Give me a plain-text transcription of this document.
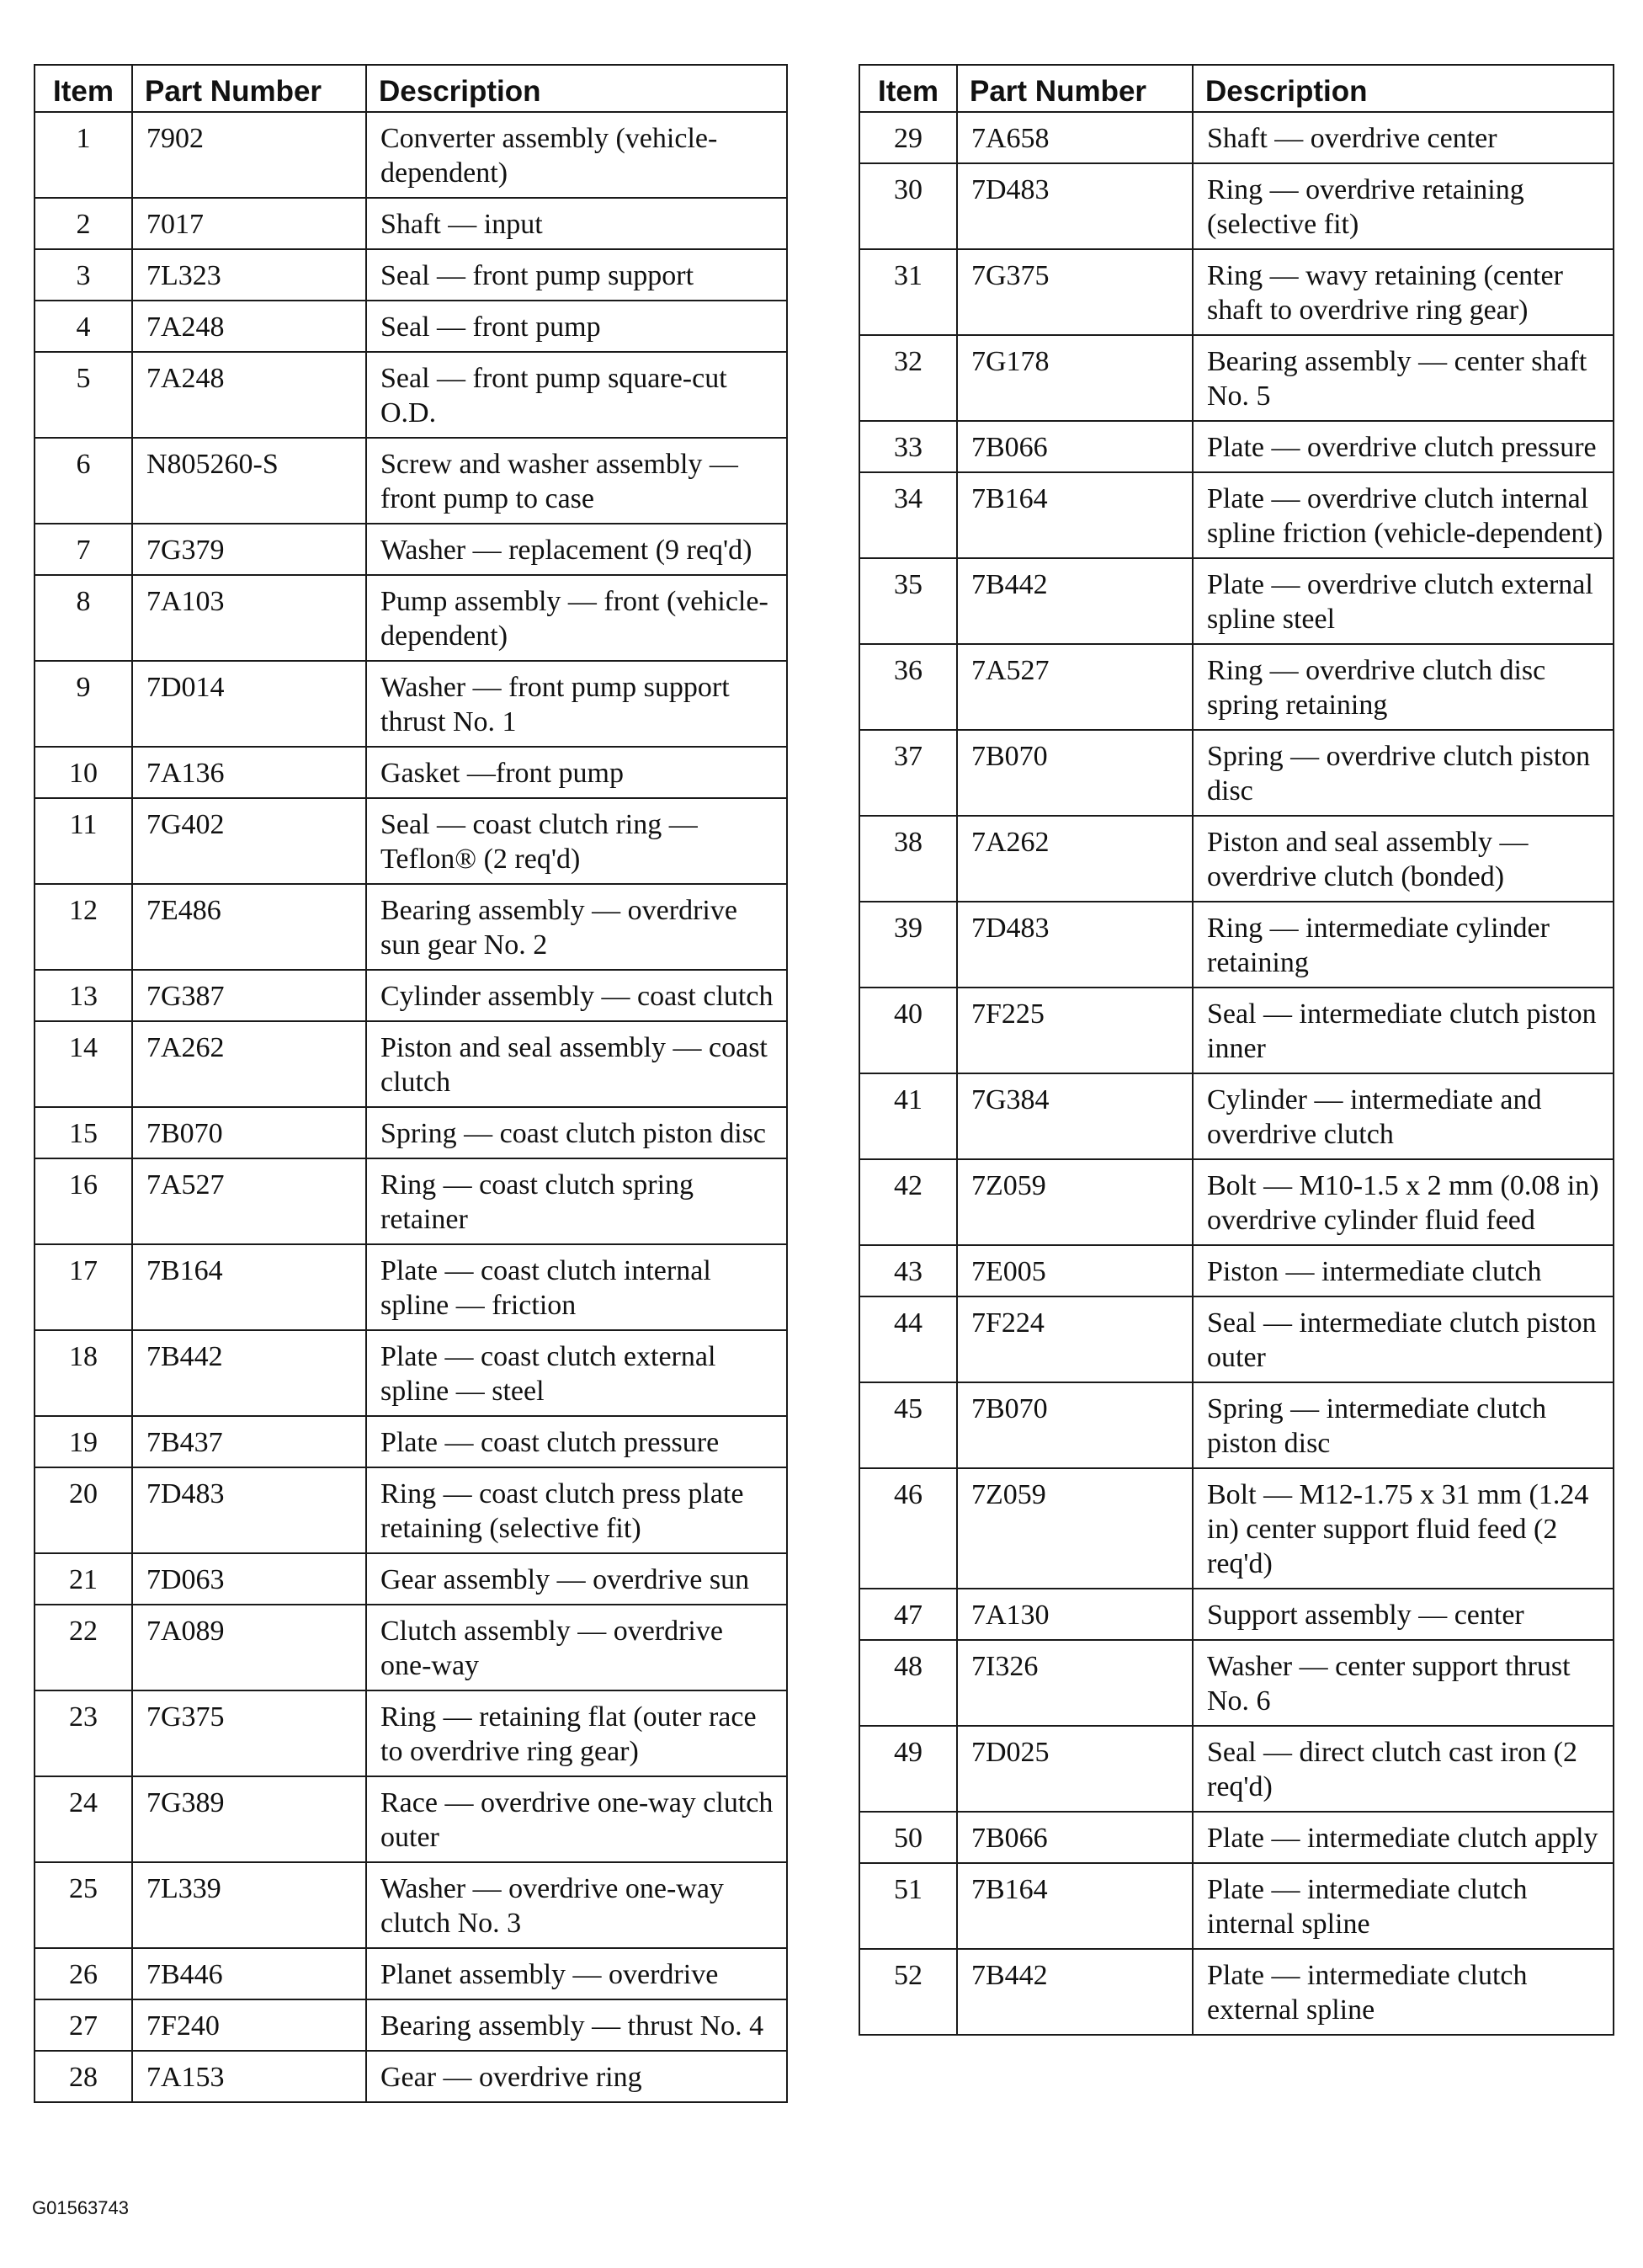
Item	Part Number	Description
1	7902	Converter assembly (vehicle-dependent)
2	7017	Shaft — input
3	7L323	Seal — front pump support
4	7A248	Seal — front pump
5	7A248	Seal — front pump square-cut O.D.
6	N805260-S	Screw and washer assembly — front pump to case
7	7G379	Washer — replacement (9 req'd)
8	7A103	Pump assembly — front (vehicle-dependent)
9	7D014	Washer — front pump support thrust No. 1
10	7A136	Gasket —front pump
11	7G402	Seal — coast clutch ring — Teflon® (2 req'd)
12	7E486	Bearing assembly — overdrive sun gear No. 2
13	7G387	Cylinder assembly — coast clutch
14	7A262	Piston and seal assembly — coast clutch
15	7B070	Spring — coast clutch piston disc
16	7A527	Ring — coast clutch spring retainer
17	7B164	Plate — coast clutch internal spline — friction
18	7B442	Plate — coast clutch external spline — steel
19	7B437	Plate — coast clutch pressure
20	7D483	Ring — coast clutch press plate retaining (selective fit)
21	7D063	Gear assembly — overdrive sun
22	7A089	Clutch assembly — overdrive one-way
23	7G375	Ring — retaining flat (outer race to overdrive ring gear)
24	7G389	Race — overdrive one-way clutch outer
25	7L339	Washer — overdrive one-way clutch No. 3
26	7B446	Planet assembly — overdrive
27	7F240	Bearing assembly — thrust No. 4
28	7A153	Gear — overdrive ring
Item	Part Number	Description
29	7A658	Shaft — overdrive center
30	7D483	Ring — overdrive retaining (selective fit)
31	7G375	Ring — wavy retaining (center shaft to overdrive ring gear)
32	7G178	Bearing assembly — center shaft No. 5
33	7B066	Plate — overdrive clutch pressure
34	7B164	Plate — overdrive clutch internal spline friction (vehicle-dependent)
35	7B442	Plate — overdrive clutch external spline steel
36	7A527	Ring — overdrive clutch disc spring retaining
37	7B070	Spring — overdrive clutch piston disc
38	7A262	Piston and seal assembly — overdrive clutch (bonded)
39	7D483	Ring — intermediate cylinder retaining
40	7F225	Seal — intermediate clutch piston inner
41	7G384	Cylinder — intermediate and overdrive clutch
42	7Z059	Bolt — M10-1.5 x 2 mm (0.08 in) overdrive cylinder fluid feed
43	7E005	Piston — intermediate clutch
44	7F224	Seal — intermediate clutch piston outer
45	7B070	Spring — intermediate clutch piston disc
46	7Z059	Bolt — M12-1.75 x 31 mm (1.24 in) center support fluid feed (2 req'd)
47	7A130	Support assembly — center
48	7I326	Washer — center support thrust No. 6
49	7D025	Seal — direct clutch cast iron (2 req'd)
50	7B066	Plate — intermediate clutch apply
51	7B164	Plate — intermediate clutch internal spline
52	7B442	Plate — intermediate clutch external spline
G01563743
